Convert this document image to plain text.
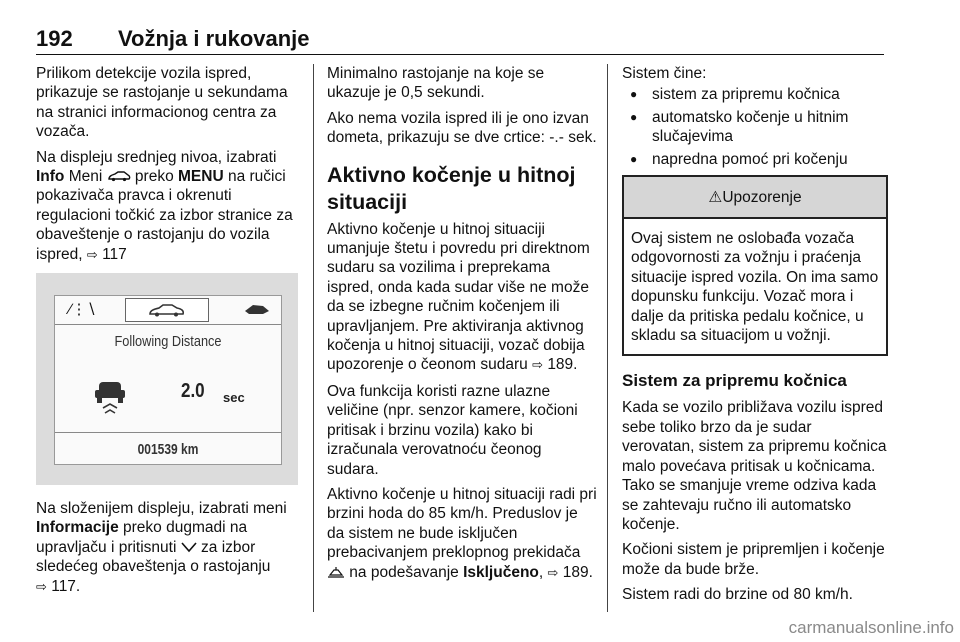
192 Vožnja i rukovanje

Prilikom detekcije vozila ispred, prikazuje se rastojanje u sekundama na stranici informacionog centra za vozača.

Na displeju srednjeg nivoa, izabrati Info Meni  preko MENU na ručici pokazivača pravca i okrenuti regulacioni točkić za izbor stranice za obaveštenje o rastojanju do vozila ispred, ⇨ 117

∕⋮∖
Following Distance
2.0 sec
001539 km

Na složenijem displeju, izabrati meni Informacije preko dugmadi na upravljaču i pritisnuti  za izbor sledećeg obaveštenja o rastojanju
⇨ 117.

Minimalno rastojanje na koje se ukazuje je 0,5 sekundi.

Ako nema vozila ispred ili je ono izvan dometa, prikazuju se dve crtice: -.- sek.

Aktivno kočenje u hitnoj situaciji

Aktivno kočenje u hitnoj situaciji umanjuje štetu i povredu pri direktnom sudaru sa vozilima i preprekama ispred, onda kada sudar više ne može da se izbegne ručnim kočenjem ili upravljanjem. Pre aktiviranja aktivnog kočenja u hitnoj situaciji, vozač dobija upozorenje o čeonom sudaru ⇨ 189.

Ova funkcija koristi razne ulazne veličine (npr. senzor kamere, kočioni pritisak i brzinu vozila) kako bi izračunala verovatnoću čeonog sudara.

Aktivno kočenje u hitnoj situaciji radi pri brzini hoda do 85 km/h. Preduslov je da sistem ne bude isključen prebacivanjem preklopnog prekidača  na podešavanje Isključeno, ⇨ 189.

Sistem čine:

● sistem za pripremu kočnica
● automatsko kočenje u hitnim slučajevima
● napredna pomoć pri kočenju
⚠Upozorenje
Ovaj sistem ne oslobađa vozača odgovornosti za vožnju i praćenja situacije ispred vozila. On ima samo dopunsku funkciju. Vozač mora i dalje da pritiska pedalu kočnice, u skladu sa situacijom u vožnji.
Sistem za pripremu kočnica

Kada se vozilo približava vozilu ispred sebe toliko brzo da je sudar verovatan, sistem za pripremu kočnica malo povećava pritisak u kočnicama. Tako se smanjuje vreme odziva kada se zahtevaju ručno ili automatsko kočenje.

Kočioni sistem je pripremljen i kočenje može da bude brže.

Sistem radi do brzine od 80 km/h.

carmanualsonline.info
